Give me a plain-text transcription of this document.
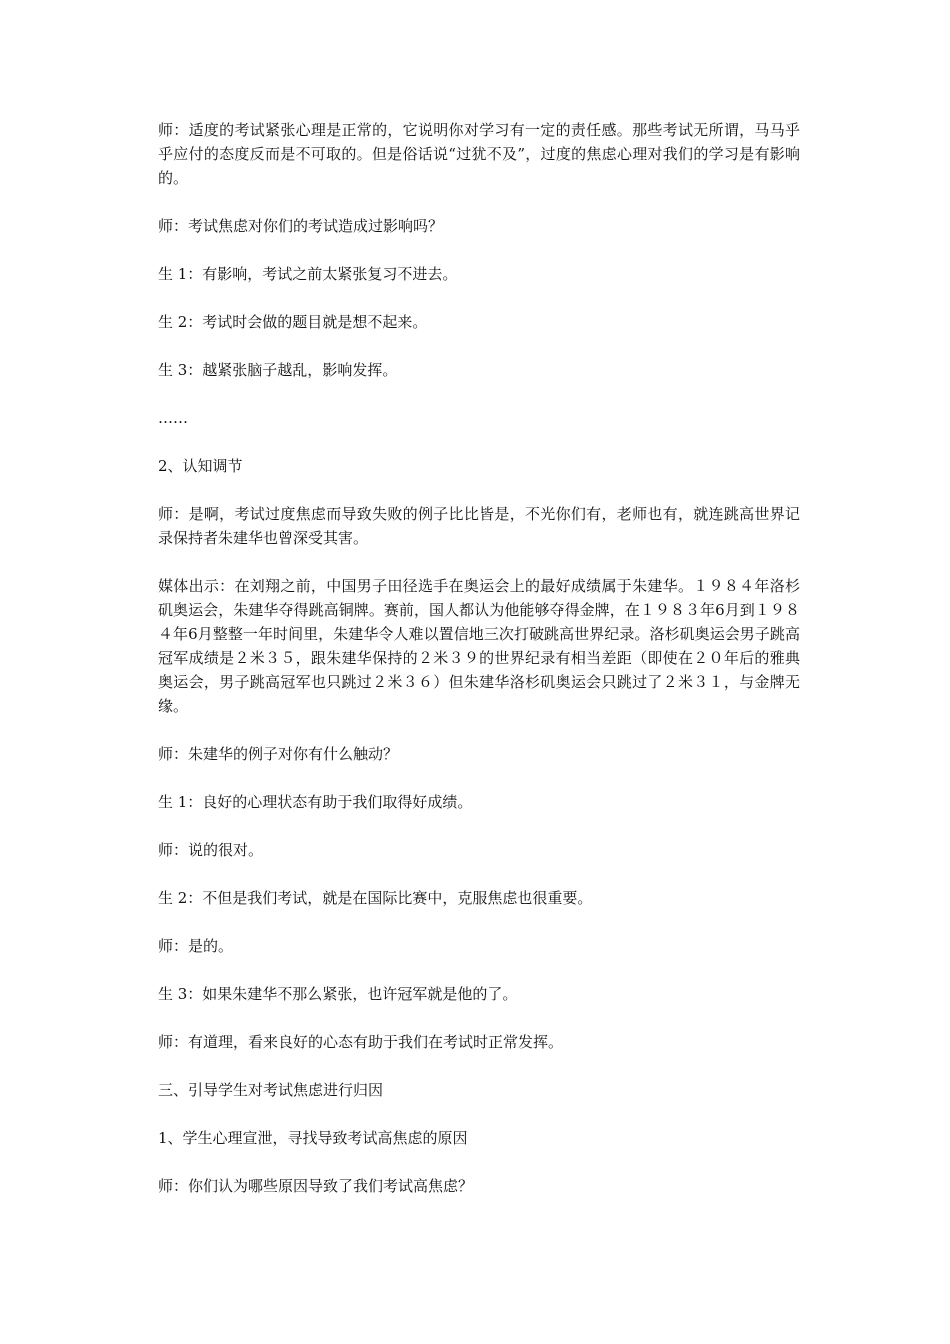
师：适度的考试紧张心理是正常的，它说明你对学习有一定的责任感。那些考试无所谓，马马乎乎应付的态度反而是不可取的。但是俗话说“过犹不及”，过度的焦虑心理对我们的学习是有影响的。

师：考试焦虑对你们的考试造成过影响吗？

生 1：有影响，考试之前太紧张复习不进去。

生 2：考试时会做的题目就是想不起来。

生 3：越紧张脑子越乱，影响发挥。

……

2、认知调节

师：是啊，考试过度焦虑而导致失败的例子比比皆是，不光你们有，老师也有，就连跳高世界记录保持者朱建华也曾深受其害。

媒体出示：在刘翔之前，中国男子田径选手在奥运会上的最好成绩属于朱建华。１９８４年洛杉矶奥运会，朱建华夺得跳高铜牌。赛前，国人都认为他能够夺得金牌，在１９８３年6月到１９８４年6月整整一年时间里，朱建华令人难以置信地三次打破跳高世界纪录。洛杉矶奥运会男子跳高冠军成绩是２米３５，跟朱建华保持的２米３９的世界纪录有相当差距（即使在２０年后的雅典奥运会，男子跳高冠军也只跳过２米３６）但朱建华洛杉矶奥运会只跳过了２米３１，与金牌无缘。

师：朱建华的例子对你有什么触动？

生 1：良好的心理状态有助于我们取得好成绩。

师：说的很对。

生 2：不但是我们考试，就是在国际比赛中，克服焦虑也很重要。

师：是的。

生 3：如果朱建华不那么紧张，也许冠军就是他的了。

师：有道理，看来良好的心态有助于我们在考试时正常发挥。

三、引导学生对考试焦虑进行归因

1、学生心理宣泄，寻找导致考试高焦虑的原因

师：你们认为哪些原因导致了我们考试高焦虑？
